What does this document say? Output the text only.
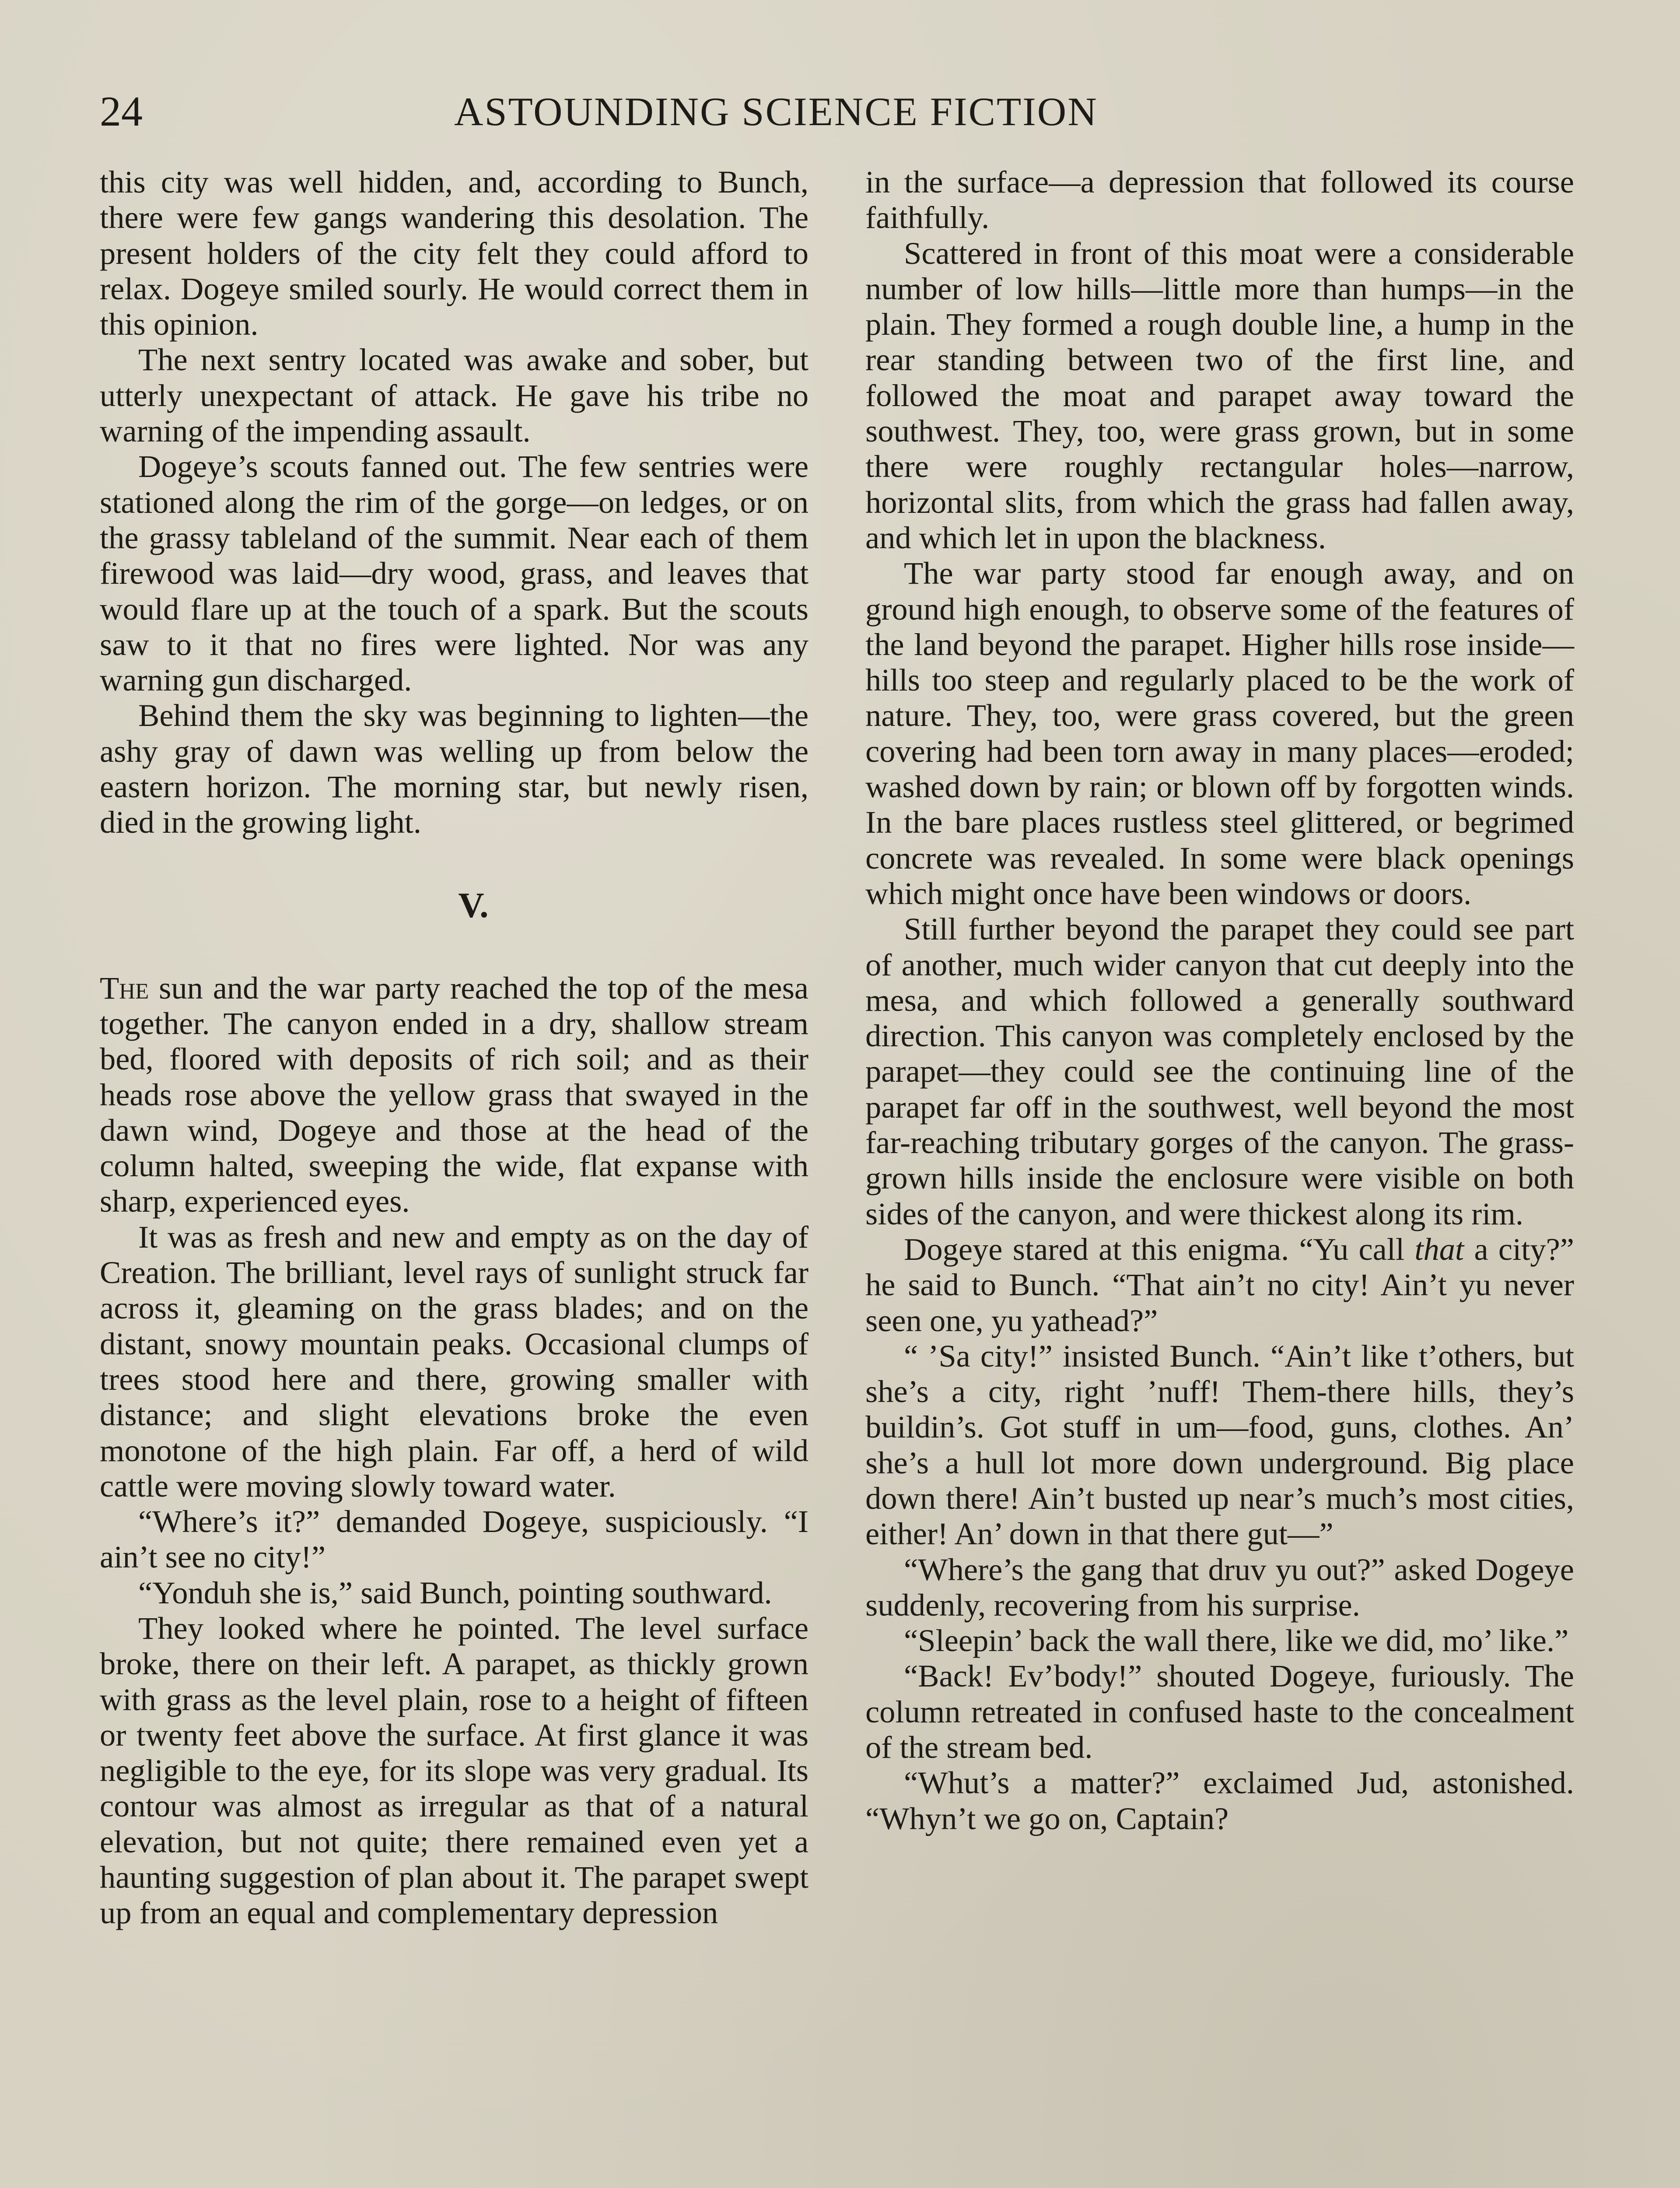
24	ASTOUNDING SCIENCE FICTION

this city was well hidden, and, according to Bunch, there were few gangs wandering this desolation. The present holders of the city felt they could afford to relax. Dogeye smiled sourly. He would correct them in this opinion.

The next sentry located was awake and sober, but utterly unexpectant of attack. He gave his tribe no warning of the impending assault.

Dogeye’s scouts fanned out. The few sentries were stationed along the rim of the gorge—on ledges, or on the grassy tableland of the summit. Near each of them firewood was laid—dry wood, grass, and leaves that would flare up at the touch of a spark. But the scouts saw to it that no fires were lighted. Nor was any warning gun discharged.

Behind them the sky was beginning to lighten—the ashy gray of dawn was welling up from below the eastern horizon. The morning star, but newly risen, died in the growing light.

V.

The sun and the war party reached the top of the mesa together. The canyon ended in a dry, shallow stream bed, floored with deposits of rich soil; and as their heads rose above the yellow grass that swayed in the dawn wind, Dogeye and those at the head of the column halted, sweeping the wide, flat expanse with sharp, experienced eyes.

It was as fresh and new and empty as on the day of Creation. The brilliant, level rays of sunlight struck far across it, gleaming on the grass blades; and on the distant, snowy mountain peaks. Occasional clumps of trees stood here and there, growing smaller with distance; and slight elevations broke the even monotone of the high plain. Far off, a herd of wild cattle were moving slowly toward water.

“Where’s it?” demanded Dogeye, suspiciously. “I ain’t see no city!”

“Yonduh she is,” said Bunch, pointing southward.

They looked where he pointed. The level surface broke, there on their left. A parapet, as thickly grown with grass as the level plain, rose to a height of fifteen or twenty feet above the surface. At first glance it was negligible to the eye, for its slope was very gradual. Its contour was almost as irregular as that of a natural elevation, but not quite; there remained even yet a haunting suggestion of plan about it. The parapet swept up from an equal and complementary depression

in the surface—a depression that followed its course faithfully.

Scattered in front of this moat were a considerable number of low hills—little more than humps—in the plain. They formed a rough double line, a hump in the rear standing between two of the first line, and followed the moat and parapet away toward the southwest. They, too, were grass grown, but in some there were roughly rectangular holes—narrow, horizontal slits, from which the grass had fallen away, and which let in upon the blackness.

The war party stood far enough away, and on ground high enough, to observe some of the features of the land beyond the parapet. Higher hills rose inside—hills too steep and regularly placed to be the work of nature. They, too, were grass covered, but the green covering had been torn away in many places—eroded; washed down by rain; or blown off by forgotten winds. In the bare places rustless steel glittered, or begrimed concrete was revealed. In some were black openings which might once have been windows or doors.

Still further beyond the parapet they could see part of another, much wider canyon that cut deeply into the mesa, and which followed a generally southward direction. This canyon was completely enclosed by the parapet—they could see the continuing line of the parapet far off in the southwest, well beyond the most far-reaching tributary gorges of the canyon. The grass-grown hills inside the enclosure were visible on both sides of the canyon, and were thickest along its rim.

Dogeye stared at this enigma. “Yu call that a city?” he said to Bunch. “That ain’t no city! Ain’t yu never seen one, yu yathead?”

“ ’Sa city!” insisted Bunch. “Ain’t like t’others, but she’s a city, right ’nuff! Them-there hills, they’s buildin’s. Got stuff in um—food, guns, clothes. An’ she’s a hull lot more down underground. Big place down there! Ain’t busted up near’s much’s most cities, either! An’ down in that there gut—”

“Where’s the gang that druv yu out?” asked Dogeye suddenly, recovering from his surprise.

“Sleepin’ back the wall there, like we did, mo’ like.”

“Back! Ev’body!” shouted Dogeye, furiously. The column retreated in confused haste to the concealment of the stream bed.

“Whut’s a matter?” exclaimed Jud, astonished. “Whyn’t we go on, Captain?
